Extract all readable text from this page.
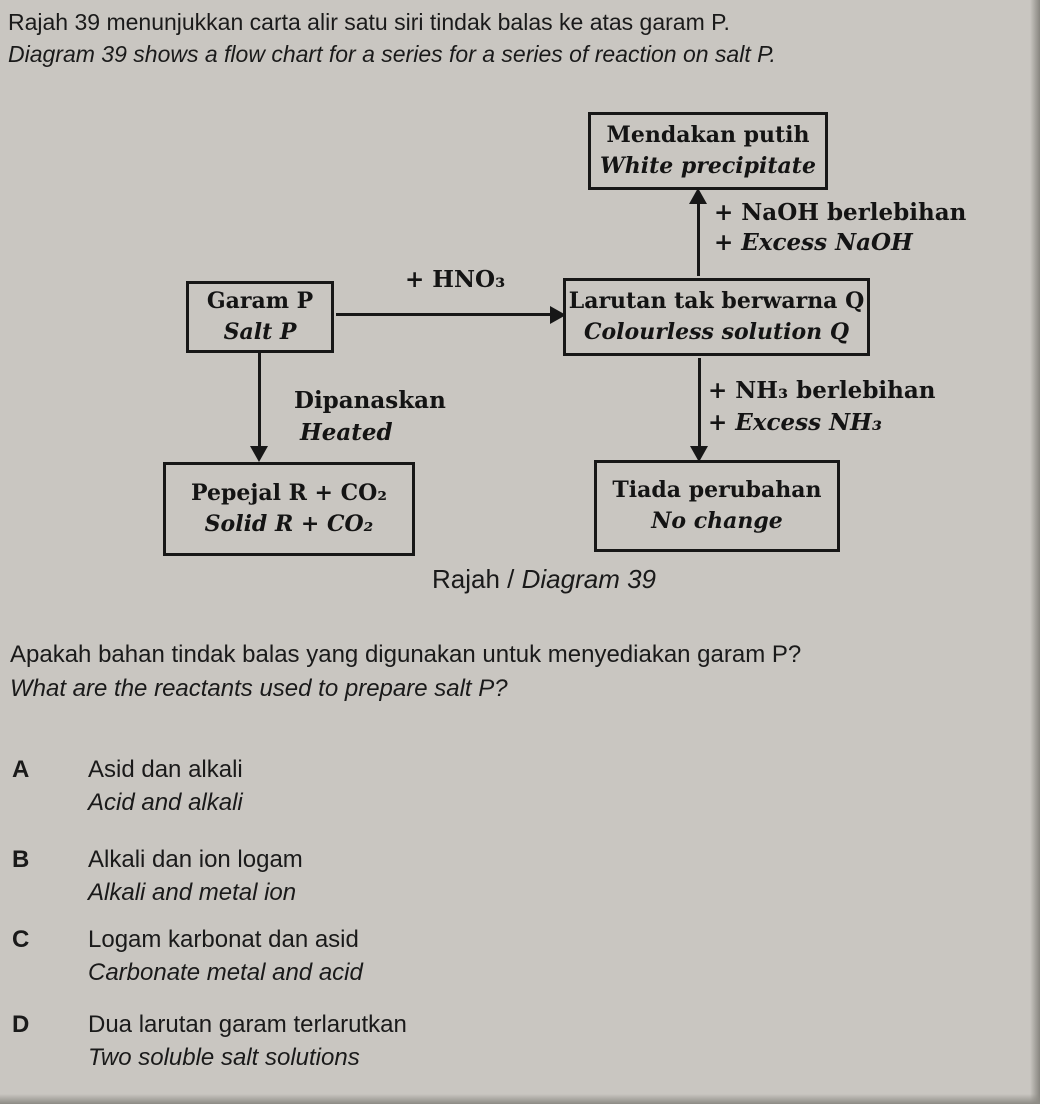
Rajah 39 menunjukkan carta alir satu siri tindak balas ke atas garam P.
Diagram 39 shows a flow chart for a series for a series of reaction on salt P.
Mendakan putih
White precipitate
+ NaOH berlebihan
+ Excess NaOH
+ HNO₃
Garam P
Salt P
Larutan tak berwarna Q
Colourless solution Q
Dipanaskan
Heated
+ NH₃ berlebihan
+ Excess NH₃
Pepejal R + CO₂
Solid R + CO₂
Tiada perubahan
No change
Rajah / Diagram 39
Apakah bahan tindak balas yang digunakan untuk menyediakan garam P?
What are the reactants used to prepare salt P?
A	Asid dan alkali
Acid and alkali
B	Alkali dan ion logam
Alkali and metal ion
C	Logam karbonat dan asid
Carbonate metal and acid
D	Dua larutan garam terlarutkan
Two soluble salt solutions
